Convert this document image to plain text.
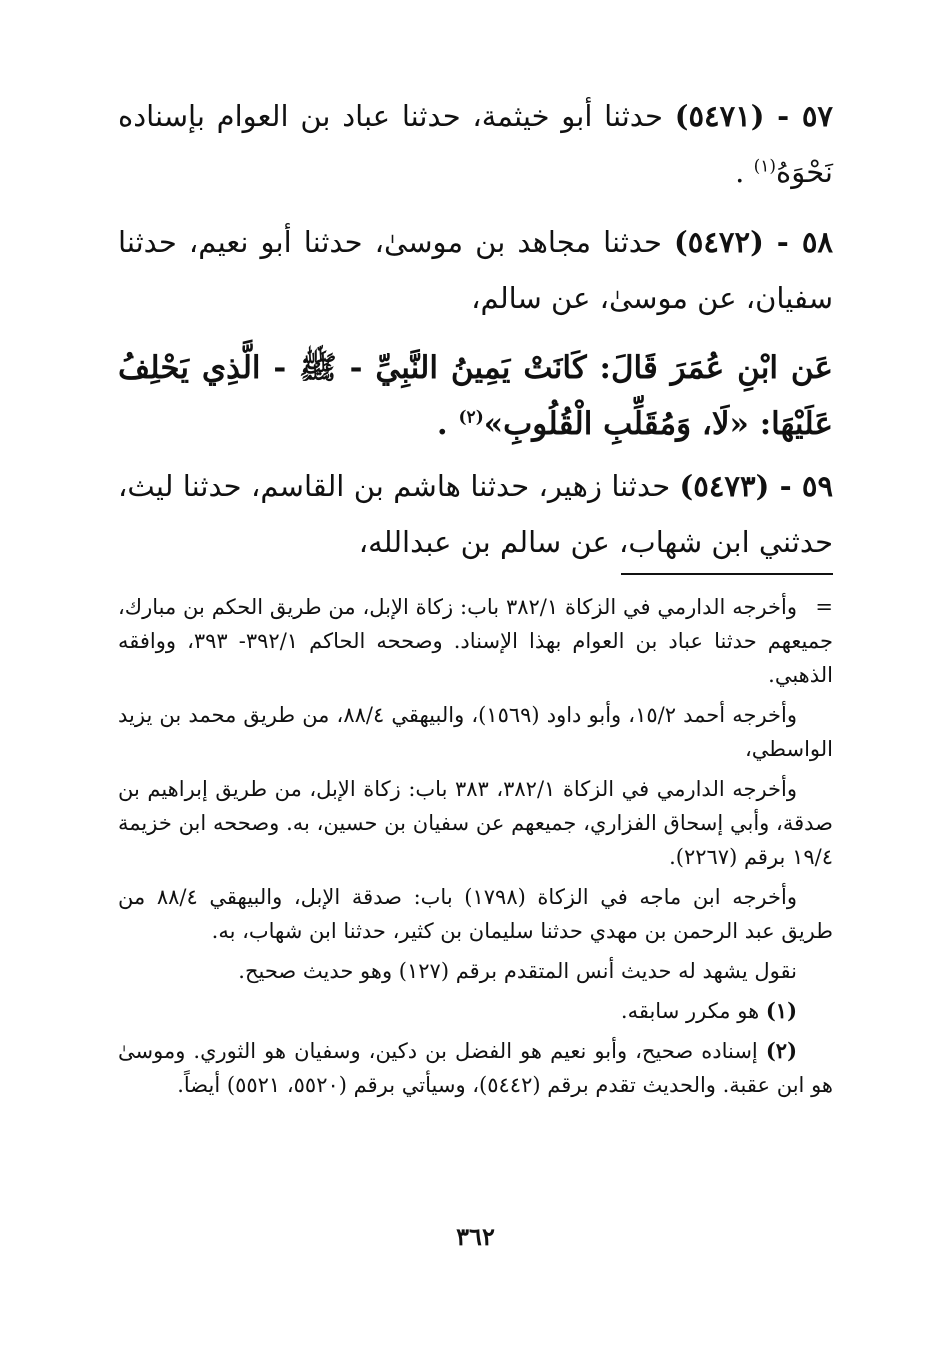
٥٧ - (٥٤٧١) حدثنا أبو خيثمة، حدثنا عباد بن العوام بإسناده نَحْوَهُ$^{(١)}$ .

٥٨ - (٥٤٧٢) حدثنا مجاهد بن موسىٰ، حدثنا أبو نعيم، حدثنا سفيان، عن موسىٰ، عن سالم،

عَن ابْنِ عُمَرَ قَالَ: كَانَتْ يَمِينُ النَّبِيِّ - ﷺ - الَّذِي يَحْلِفُ عَلَيْهَا: «لَا، وَمُقَلِّبِ الْقُلُوبِ»$^{(٢)}$ .

٥٩ - (٥٤٧٣) حدثنا زهير، حدثنا هاشم بن القاسم، حدثنا ليث، حدثني ابن شهاب، عن سالم بن عبدالله،

=
وأخرجه الدارمي في الزكاة ٣٨٢/١ باب: زكاة الإبل، من طريق الحكم بن مبارك، جميعهم حدثنا عباد بن العوام بهذا الإسناد. وصححه الحاكم ٣٩٢/١- ٣٩٣، ووافقه الذهبي.

وأخرجه أحمد ١٥/٢، وأبو داود (١٥٦٩)، والبيهقي ٨٨/٤، من طريق محمد بن يزيد الواسطي،

وأخرجه الدارمي في الزكاة ٣٨٢/١، ٣٨٣ باب: زكاة الإبل، من طريق إبراهيم بن صدقة، وأبي إسحاق الفزاري، جميعهم عن سفيان بن حسين، به. وصححه ابن خزيمة ١٩/٤ برقم (٢٢٦٧).

وأخرجه ابن ماجه في الزكاة (١٧٩٨) باب: صدقة الإبل، والبيهقي ٨٨/٤ من طريق عبد الرحمن بن مهدي حدثنا سليمان بن كثير، حدثنا ابن شهاب، به.

نقول يشهد له حديث أنس المتقدم برقم (١٢٧) وهو حديث صحيح.

(١) هو مكرر سابقه.

(٢) إسناده صحيح، وأبو نعيم هو الفضل بن دكين، وسفيان هو الثوري. وموسىٰ هو ابن عقبة. والحديث تقدم برقم (٥٤٤٢)، وسيأتي برقم (٥٥٢٠، ٥٥٢١) أيضاً.

٣٦٢
